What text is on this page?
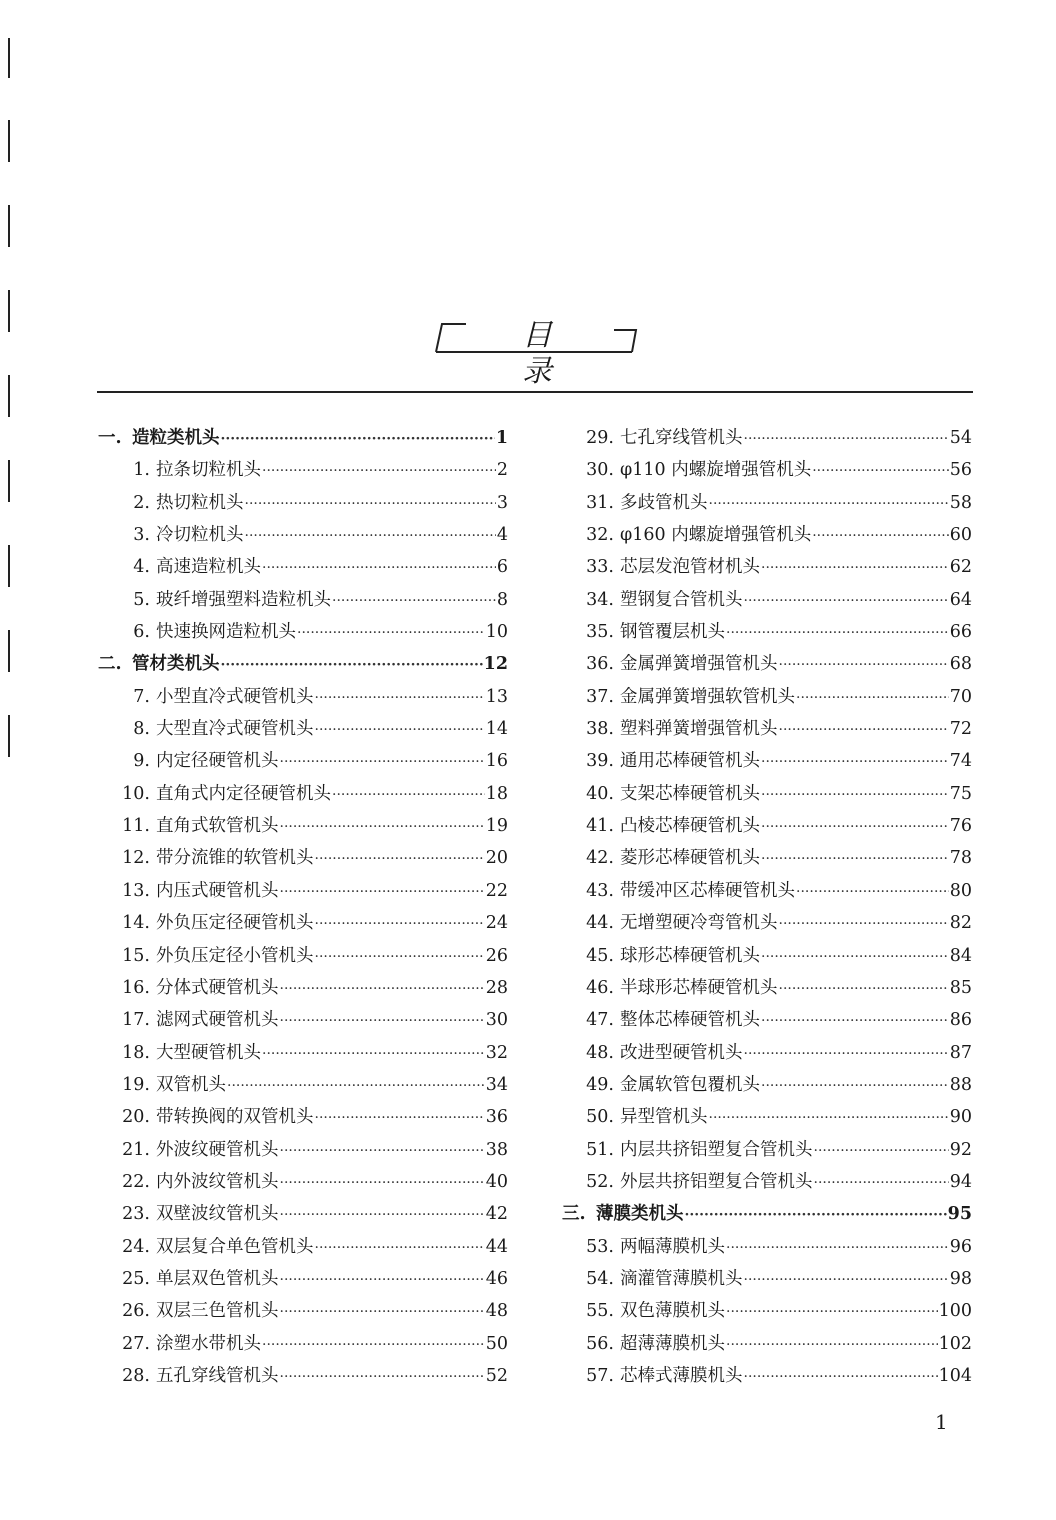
目 录
一. 造粒类机头 ·····	1
1. 拉条切粒机头 ·····	2
2. 热切粒机头 ·····	3
3. 冷切粒机头 ·····	4
4. 高速造粒机头 ·····	6
5. 玻纤增强塑料造粒机头 ·····	8
6. 快速换网造粒机头 ·····	10
二. 管材类机头 ·····	12
7. 小型直冷式硬管机头 ·····	13
8. 大型直冷式硬管机头 ·····	14
9. 内定径硬管机头 ·····	16
10. 直角式内定径硬管机头 ·····	18
11. 直角式软管机头 ·····	19
12. 带分流锥的软管机头 ·····	20
13. 内压式硬管机头 ·····	22
14. 外负压定径硬管机头 ·····	24
15. 外负压定径小管机头 ·····	26
16. 分体式硬管机头 ·····	28
17. 滤网式硬管机头 ·····	30
18. 大型硬管机头 ·····	32
19. 双管机头 ·····	34
20. 带转换阀的双管机头 ·····	36
21. 外波纹硬管机头 ·····	38
22. 内外波纹管机头 ·····	40
23. 双壁波纹管机头 ·····	42
24. 双层复合单色管机头 ·····	44
25. 单层双色管机头 ·····	46
26. 双层三色管机头 ·····	48
27. 涂塑水带机头 ·····	50
28. 五孔穿线管机头 ·····	52
29. 七孔穿线管机头 ·····	54
30. φ110 内螺旋增强管机头 ·····	56
31. 多歧管机头 ·····	58
32. φ160 内螺旋增强管机头 ·····	60
33. 芯层发泡管材机头 ·····	62
34. 塑钢复合管机头 ·····	64
35. 钢管覆层机头 ·····	66
36. 金属弹簧增强管机头 ·····	68
37. 金属弹簧增强软管机头 ·····	70
38. 塑料弹簧增强管机头 ·····	72
39. 通用芯棒硬管机头 ·····	74
40. 支架芯棒硬管机头 ·····	75
41. 凸棱芯棒硬管机头 ·····	76
42. 菱形芯棒硬管机头 ·····	78
43. 带缓冲区芯棒硬管机头 ·····	80
44. 无增塑硬冷弯管机头 ·····	82
45. 球形芯棒硬管机头 ·····	84
46. 半球形芯棒硬管机头 ·····	85
47. 整体芯棒硬管机头 ·····	86
48. 改进型硬管机头 ·····	87
49. 金属软管包覆机头 ·····	88
50. 异型管机头 ·····	90
51. 内层共挤铝塑复合管机头 ·····	92
52. 外层共挤铝塑复合管机头 ·····	94
三. 薄膜类机头 ·····	95
53. 两幅薄膜机头 ·····	96
54. 滴灌管薄膜机头 ·····	98
55. 双色薄膜机头 ·····	100
56. 超薄薄膜机头 ·····	102
57. 芯棒式薄膜机头 ·····	104
1
